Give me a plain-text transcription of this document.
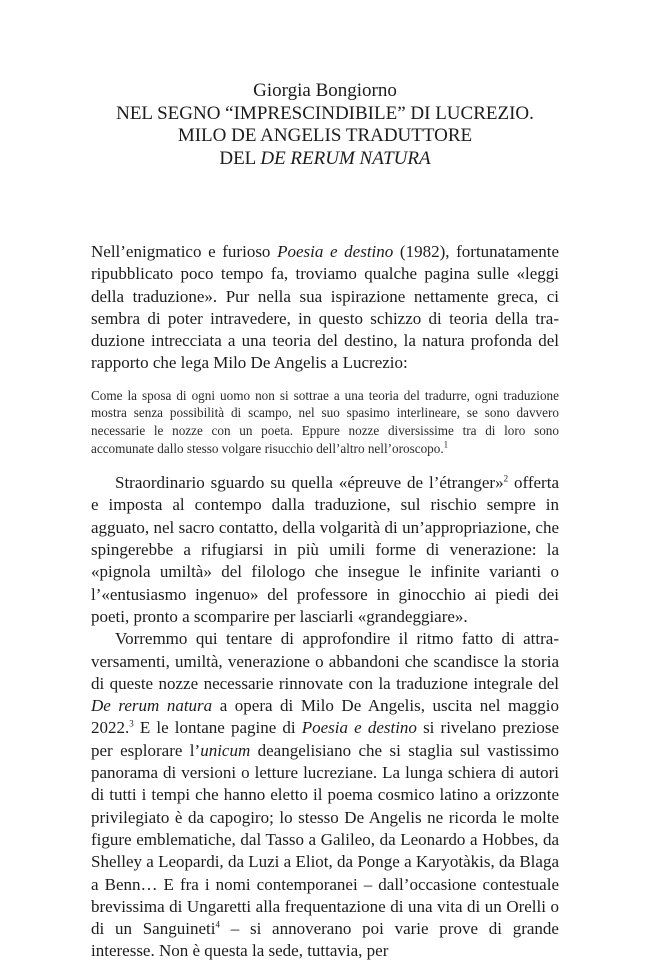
Giorgia Bongiorno
NEL SEGNO “IMPRESCINDIBILE” DI LUCREZIO.
MILO DE ANGELIS TRADUTTORE
DEL DE RERUM NATURA

Nell’enigmatico e furioso Poesia e destino (1982), fortunatamente ripubblicato poco tempo fa, troviamo qualche pagina sulle «leggi della traduzione». Pur nella sua ispirazione nettamente greca, ci sembra di poter intravedere, in questo schizzo di teoria della traduzione intrecciata a una teoria del destino, la natura profonda del rapporto che lega Milo De Angelis a Lucrezio:

Come la sposa di ogni uomo non si sottrae a una teoria del tradurre, ogni traduzione mostra senza possibilità di scampo, nel suo spasimo interlineare, se sono davvero necessarie le nozze con un poeta. Eppure nozze diversissime tra di loro sono accomunate dallo stesso volgare risucchio dell’altro nell’oroscopo.$^1$

Straordinario sguardo su quella «épreuve de l’étranger»$^2$ offerta e imposta al contempo dalla traduzione, sul rischio sempre in agguato, nel sacro contatto, della volgarità di un’appropriazione, che spingerebbe a rifugiarsi in più umili forme di venerazione: la «pignola umiltà» del filologo che insegue le infinite varianti o l’«entusiasmo ingenuo» del professore in ginocchio ai piedi dei poeti, pronto a scomparire per lasciarli «grandeggiare».

Vorremmo qui tentare di approfondire il ritmo fatto di attraversamenti, umiltà, venerazione o abbandoni che scandisce la storia di queste nozze necessarie rinnovate con la traduzione integrale del De rerum natura a opera di Milo De Angelis, uscita nel maggio 2022.$^3$ E le lontane pagine di Poesia e destino si rivelano preziose per esplorare l’unicum deangelisiano che si staglia sul vastissimo panorama di versioni o letture lucreziane. La lunga schiera di autori di tutti i tempi che hanno eletto il poema cosmico latino a orizzonte privilegiato è da capogiro; lo stesso De Angelis ne ricorda le molte figure emblematiche, dal Tasso a Galileo, da Leonardo a Hobbes, da Shelley a Leopardi, da Luzi a Eliot, da Ponge a Karyotàkis, da Blaga a Benn… E fra i nomi contemporanei – dall’occasione contestuale brevissima di Ungaretti alla frequentazione di una vita di un Orelli o di un Sanguineti$^4$ – si annoverano poi varie prove di grande interesse. Non è questa la sede, tuttavia, per
